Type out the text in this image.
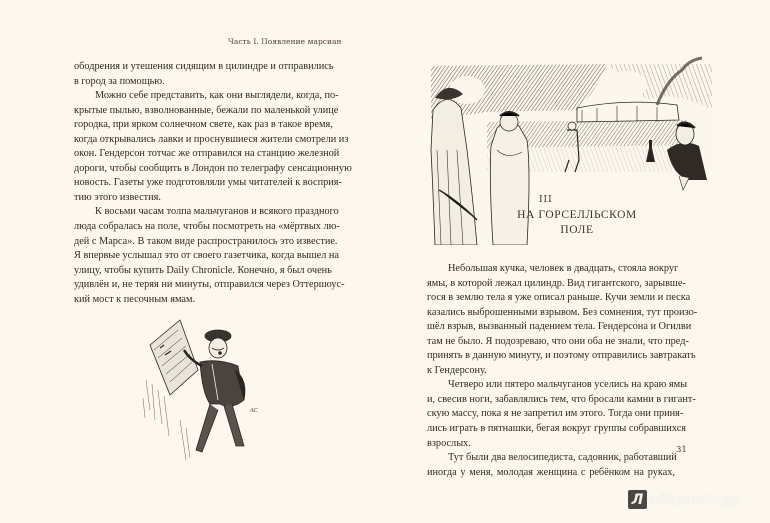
Часть I. Появление марсиан
ободрения и утешения сидящим в цилиндре и отправились
в город за помощью.
Можно себе представить, как они выглядели, когда, по-
крытые пылью, взволнованные, бежали по маленькой улице
городка, при ярком солнечном свете, как раз в такое время,
когда открывались лавки и проснувшиеся жители смотрели из
окон. Гендерсон тотчас же отправился на станцию железной
дороги, чтобы сообщить в Лондон по телеграфу сенсационную
новость. Газеты уже подготовляли умы читателей к восприя-
тию этого известия.
К восьми часам толпа мальчуганов и всякого праздного
люда собралась на поле, чтобы посмотреть на «мёртвых лю-
дей с Марса». В таком виде распространилось это известие.
Я впервые услышал это от своего газетчика, когда вышел на
улицу, чтобы купить Daily Chronicle. Конечно, я был очень
удивлён и, не теряя ни минуты, отправился через Оттершоус-
кий мост к песочным ямам.
AC
III
НА ГОРСЕЛЛЬСКОМ
ПОЛЕ
Небольшая кучка, человек в двадцать, стояла вокруг
ямы, в которой лежал цилиндр. Вид гигантского, зарывше-
гося в землю тела я уже описал раньше. Кучи земли и песка
казались выброшенными взрывом. Без сомнения, тут произо-
шёл взрыв, вызванный падением тела. Гендерсона и Огилви
там не было. Я подозреваю, что они оба не знали, что пред-
принять в данную минуту, и поэтому отправились завтракать
к Гендерсону.
Четверо или пятеро мальчуганов уселись на краю ямы
и, свесив ноги, забавлялись тем, что бросали камни в гигант-
скую массу, пока я не запретил им этого. Тогда они приня-
лись играть в пятнашки, бегая вокруг группы собравшихся
взрослых.
Тут были два велосипедиста, садовник, работавший
иногда у меня, молодая женщина с ребёнком на руках,
31
Л абиринт.ру
